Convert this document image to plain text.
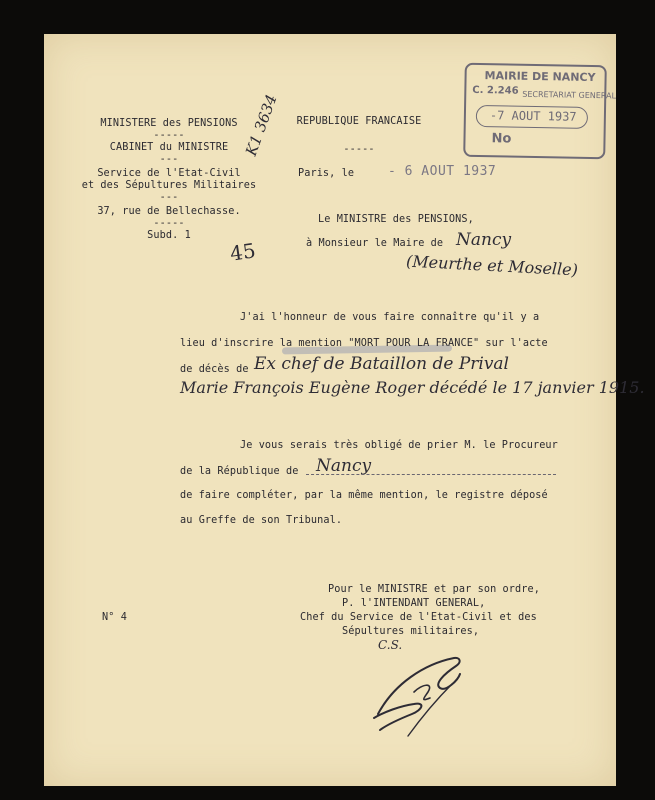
MINISTERE des PENSIONS
-----
CABINET du MINISTRE
---
Service de l'Etat-Civil
et des Sépultures Militaires
---
37, rue de Bellechasse.
-----
Subd. 1
K1 3634 REPUBLIQUE FRANCAISE
-----
Paris, le	- 6 AOUT 1937
MAIRIE DE NANCY
C. 2.246 SECRETARIAT GENERAL
-7 AOUT 1937
No
Le MINISTRE des PENSIONS,
à Monsieur le Maire de Nancy
(Meurthe et Moselle)
45
J'ai l'honneur de vous faire connaître qu'il y a
lieu d'inscrire la mention "MORT POUR LA FRANCE" sur l'acte
de décès de Ex chef de Bataillon de Prival
Marie François Eugène Roger décédé le 17 janvier 1915.
Je vous serais très obligé de prier M. le Procureur
de la République de Nancy
de faire compléter, par la même mention, le registre déposé
au Greffe de son Tribunal.
Pour le MINISTRE et par son ordre,
P. l'INTENDANT GENERAL,
Chef du Service de l'Etat-Civil et des
Sépultures militaires,
N° 4
C.S.
